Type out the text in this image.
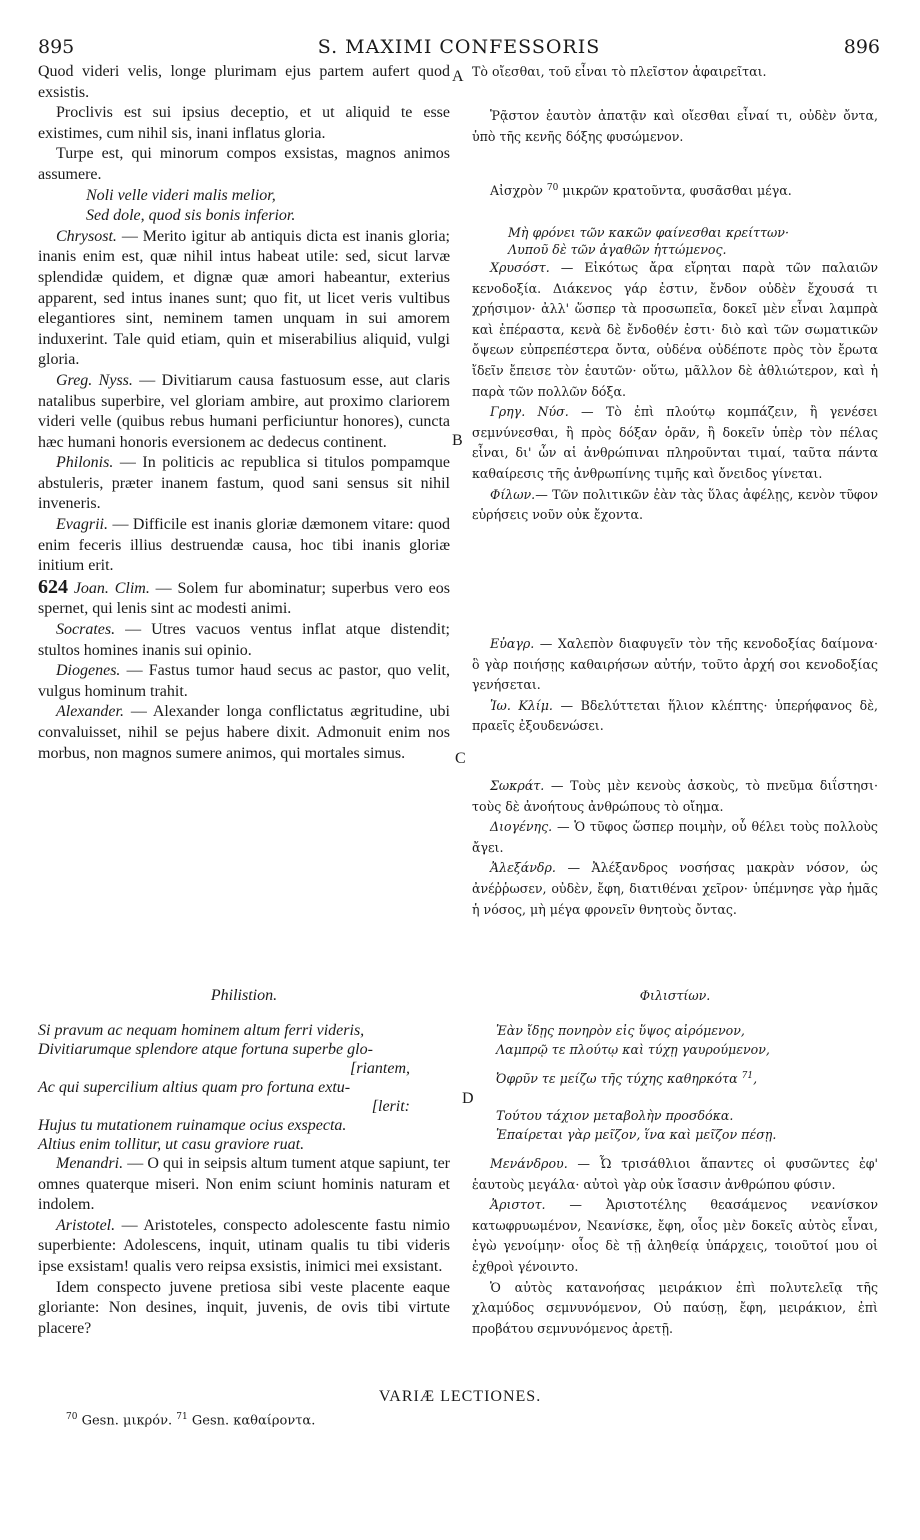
895	S. MAXIMI CONFESSORIS	896
A
B
C
D

Quod videri velis, longe plurimam ejus partem aufert quod exsistis.

Proclivis est sui ipsius deceptio, et ut aliquid te esse existimes, cum nihil sis, inani inflatus gloria.

Turpe est, qui minorum compos exsistas, magnos animos assumere.

Noli velle videri malis melior,
Sed dole, quod sis bonis inferior.

Chrysost. — Merito igitur ab antiquis dicta est inanis gloria; inanis enim est, quæ nihil intus habeat utile: sed, sicut larvæ splendidæ quidem, et dignæ quæ amori habeantur, exterius apparent, sed intus inanes sunt; quo fit, ut licet veris vultibus elegantiores sint, neminem tamen unquam in sui amorem induxerint. Tale quid etiam, quin et miserabilius aliquid, vulgi gloria.

Greg. Nyss. — Divitiarum causa fastuosum esse, aut claris natalibus superbire, vel gloriam ambire, aut proximo clariorem videri velle (quibus rebus humani perficiuntur honores), cuncta hæc humani honoris eversionem ac dedecus continent.

Philonis. — In politicis ac republica si titulos pompamque abstuleris, præter inanem fastum, quod sani sensus sit nihil inveneris.

Evagrii. — Difficile est inanis gloriæ dæmonem vitare: quod enim feceris illius destruendæ causa, hoc tibi inanis gloriæ initium erit.

624 Joan. Clim. — Solem fur abominatur; superbus vero eos spernet, qui lenis sint ac modesti animi.

Socrates. — Utres vacuos ventus inflat atque distendit; stultos homines inanis sui opinio.

Diogenes. — Fastus tumor haud secus ac pastor, quo velit, vulgus hominum trahit.

Alexander. — Alexander longa conflictatus ægritudine, ubi convaluisset, nihil se pejus habere dixit. Admonuit enim nos morbus, non magnos sumere animos, qui mortales simus.

Philistion.

Si pravum ac nequam hominem altum ferri videris,
Divitiarumque splendore atque fortuna superbe glo-
[riantem,
Ac qui supercilium altius quam pro fortuna extu-
[lerit:
Hujus tu mutationem ruinamque ocius exspecta.
Altius enim tollitur, ut casu graviore ruat.

Menandri. — O qui in seipsis altum tument atque sapiunt, ter omnes quaterque miseri. Non enim sciunt hominis naturam et indolem.

Aristotel. — Aristoteles, conspecto adolescente fastu nimio superbiente: Adolescens, inquit, utinam qualis tu tibi videris ipse exsistam! qualis vero reipsa exsistis, inimici mei exsistant.

Idem conspecto juvene pretiosa sibi veste placente eaque gloriante: Non desines, inquit, juvenis, de ovis tibi virtute placere?

Τὸ οἴεσθαι, τοῦ εἶναι τὸ πλεῖστον ἀφαιρεῖται.

Ῥᾷστον ἑαυτὸν ἀπατᾷν καὶ οἴεσθαι εἶναί τι, οὐδὲν ὄντα, ὑπὸ τῆς κενῆς δόξης φυσώμενον.

Αἰσχρὸν $^{70}$ μικρῶν κρατοῦντα, φυσᾶσθαι μέγα.

Μὴ φρόνει τῶν κακῶν φαίνεσθαι κρείττων·
Λυποῦ δὲ τῶν ἀγαθῶν ἡττώμενος.

Χρυσόστ. — Εἰκότως ἄρα εἴρηται παρὰ τῶν παλαιῶν κενοδοξία. Διάκενος γάρ ἐστιν, ἔνδον οὐδὲν ἔχουσά τι χρήσιμον· ἀλλ' ὥσπερ τὰ προσωπεῖα, δοκεῖ μὲν εἶναι λαμπρὰ καὶ ἐπέραστα, κενὰ δὲ ἔνδοθέν ἐστι· διὸ καὶ τῶν σωματικῶν ὄψεων εὐπρεπέστερα ὄντα, οὐδένα οὐδέποτε πρὸς τὸν ἔρωτα ἴδεῖν ἔπεισε τὸν ἑαυτῶν· οὕτω, μᾶλλον δὲ ἀθλιώτερον, καὶ ἡ παρὰ τῶν πολλῶν δόξα.

Γρηγ. Νύσ. — Τὸ ἐπὶ πλούτῳ κομπάζειν, ἢ γενέσει σεμνύνεσθαι, ἢ πρὸς δόξαν ὁρᾶν, ἢ δοκεῖν ὑπὲρ τὸν πέλας εἶναι, δι' ὧν αἱ ἀνθρώπιναι πληροῦνται τιμαί, ταῦτα πάντα καθαίρεσις τῆς ἀνθρωπίνης τιμῆς καὶ ὄνειδος γίνεται.

Φίλων.— Τῶν πολιτικῶν ἐὰν τὰς ὕλας ἀφέλῃς, κενὸν τῦφον εὑρήσεις νοῦν οὐκ ἔχοντα.

Εὐαγρ. — Χαλεπὸν διαφυγεῖν τὸν τῆς κενοδοξίας δαίμονα· ὃ γὰρ ποιήσῃς καθαιρήσων αὐτήν, τοῦτο ἀρχή σοι κενοδοξίας γενήσεται.

Ἰω. Κλίμ. — Βδελύττεται ἥλιον κλέπτης· ὑπερήφανος δὲ, πραεῖς ἐξουδενώσει.

Σωκράτ. — Τοὺς μὲν κενοὺς ἀσκοὺς, τὸ πνεῦμα διΐστησι· τοὺς δὲ ἀνοήτους ἀνθρώπους τὸ οἴημα.

Διογένης. — Ὁ τῦφος ὥσπερ ποιμὴν, οὗ θέλει τοὺς πολλοὺς ἄγει.

Ἀλεξάνδρ. — Ἀλέξανδρος νοσήσας μακρὰν νόσον, ὡς ἀνέῤῥωσεν, οὐδὲν, ἔφη, διατιθέναι χεῖρον· ὑπέμνησε γὰρ ἡμᾶς ἡ νόσος, μὴ μέγα φρονεῖν θνητοὺς ὄντας.

Φιλιστίων.

Ἐὰν ἴδῃς πονηρὸν εἰς ὕψος αἰρόμενον,
Λαμπρῷ τε πλούτῳ καὶ τύχῃ γαυρούμενον,
Ὀφρῦν τε μείζω τῆς τύχης καθηρκότα $^{71}$,
Τούτου τάχιον μεταβολὴν προσδόκα.
Ἐπαίρεται γὰρ μεῖζον, ἵνα καὶ μεῖζον πέσῃ.

Μενάνδρου. — Ὦ τρισάθλιοι ἅπαντες οἱ φυσῶντες ἐφ' ἑαυτοὺς μεγάλα· αὐτοὶ γὰρ οὐκ ἴσασιν ἀνθρώπου φύσιν.

Ἀριστοτ. — Ἀριστοτέλης θεασάμενος νεανίσκον κατωφρυωμένον, Νεανίσκε, ἔφη, οἷος μὲν δοκεῖς αὐτὸς εἶναι, ἐγὼ γενοίμην· οἷος δὲ τῇ ἀληθείᾳ ὑπάρχεις, τοιοῦτοί μου οἱ ἐχθροὶ γένοιντο.

Ὁ αὐτὸς κατανοήσας μειράκιον ἐπὶ πολυτελεῖᾳ τῆς χλαμύδος σεμνυνόμενον, Οὐ παύσῃ, ἔφη, μειράκιον, ἐπὶ προβάτου σεμνυνόμενος ἀρετῇ.

VARIÆ LECTIONES.
$^{70}$ Gesn. μικρόν. $^{71}$ Gesn. καθαίροντα.
